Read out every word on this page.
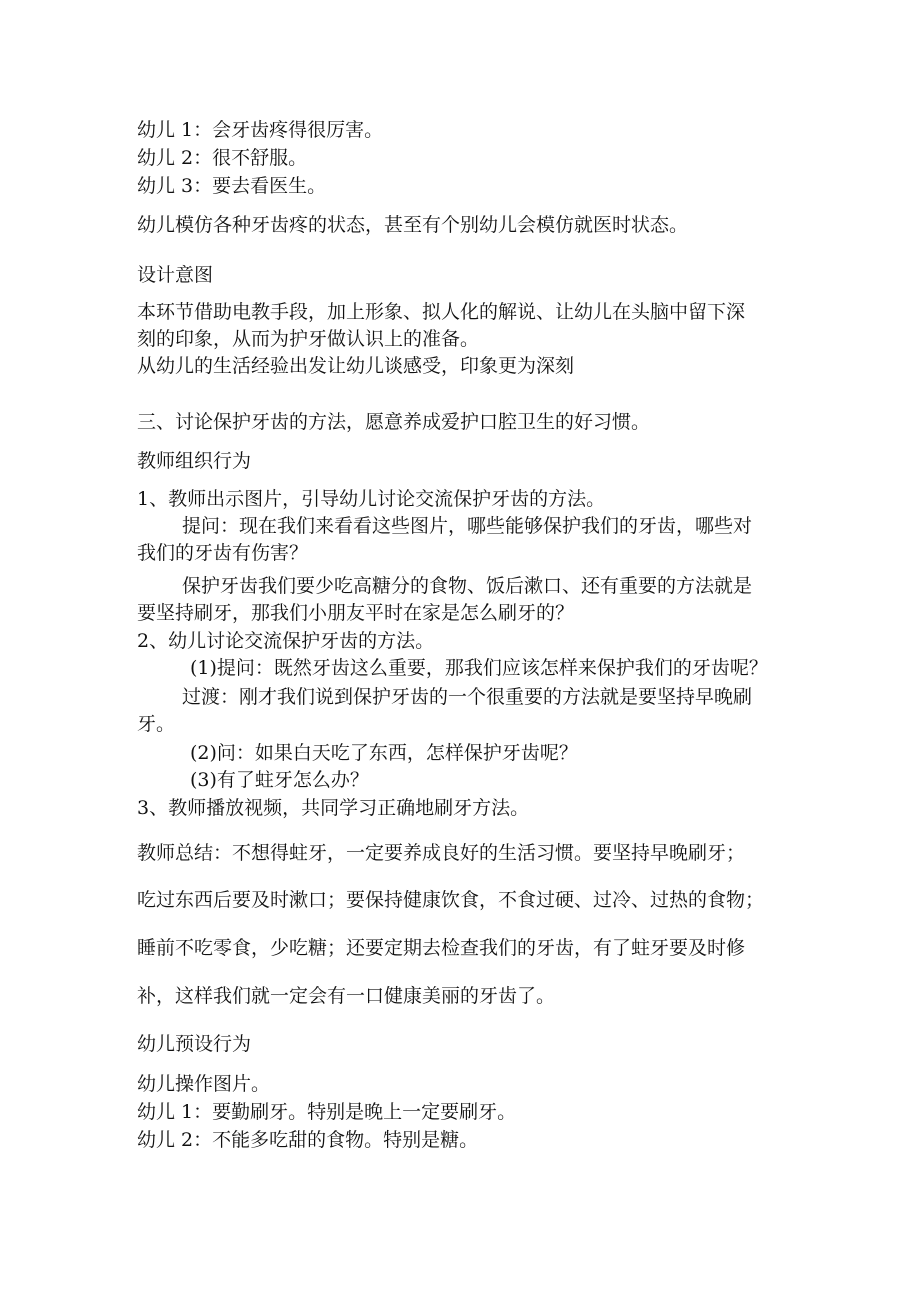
幼儿 1：会牙齿疼得很厉害。

幼儿 2：很不舒服。

幼儿 3：要去看医生。

幼儿模仿各种牙齿疼的状态，甚至有个别幼儿会模仿就医时状态。

设计意图

本环节借助电教手段，加上形象、拟人化的解说、让幼儿在头脑中留下深

刻的印象，从而为护牙做认识上的准备。

从幼儿的生活经验出发让幼儿谈感受，印象更为深刻

三、讨论保护牙齿的方法，愿意养成爱护口腔卫生的好习惯。

教师组织行为

1、教师出示图片，引导幼儿讨论交流保护牙齿的方法。

提问：现在我们来看看这些图片，哪些能够保护我们的牙齿，哪些对

我们的牙齿有伤害？

保护牙齿我们要少吃高糖分的食物、饭后漱口、还有重要的方法就是

要坚持刷牙，那我们小朋友平时在家是怎么刷牙的？

2、幼儿讨论交流保护牙齿的方法。

(1)提问：既然牙齿这么重要，那我们应该怎样来保护我们的牙齿呢？

过渡：刚才我们说到保护牙齿的一个很重要的方法就是要坚持早晚刷

牙。

(2)问：如果白天吃了东西，怎样保护牙齿呢？

(3)有了蛀牙怎么办？

3、教师播放视频，共同学习正确地刷牙方法。

教师总结：不想得蛀牙，一定要养成良好的生活习惯。要坚持早晚刷牙；

吃过东西后要及时漱口；要保持健康饮食，不食过硬、过冷、过热的食物；

睡前不吃零食，少吃糖；还要定期去检查我们的牙齿，有了蛀牙要及时修

补，这样我们就一定会有一口健康美丽的牙齿了。

幼儿预设行为

幼儿操作图片。

幼儿 1：要勤刷牙。特别是晚上一定要刷牙。

幼儿 2：不能多吃甜的食物。特别是糖。
